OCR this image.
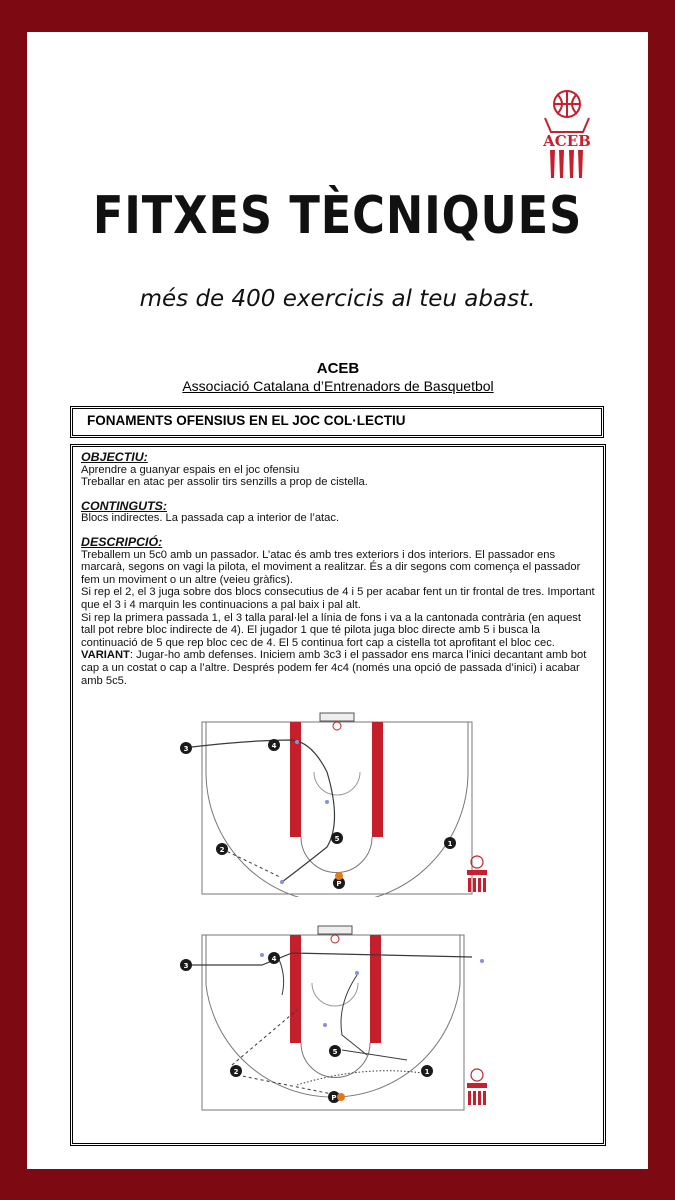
ACEB
FITXES TÈCNIQUES
més de 400 exercicis al teu abast.
ACEB
Associació Catalana d’Entrenadors de Basquetbol
FONAMENTS OFENSIUS EN EL JOC COL·LECTIU

OBJECTIU:

Aprendre a guanyar espais en el joc ofensiu

Treballar en atac per assolir tirs senzills a prop de cistella.

CONTINGUTS:

Blocs indirectes. La passada cap a interior de l’atac.

DESCRIPCIÓ:

Treballem un 5c0 amb un passador. L’atac és amb tres exteriors i dos interiors. El passador ens marcarà, segons on vagi la pilota, el moviment a realitzar. És a dir segons com comença el passador fem un moviment o un altre (veieu gràfics).

Si rep el 2, el 3 juga sobre dos blocs consecutius de 4 i 5 per acabar fent un tir frontal de tres. Important que el 3 i 4 marquin les continuacions a pal baix i pal alt.

Si rep la primera passada 1, el 3 talla paral·lel a línia de fons i va a la cantonada contrària (en aquest tall pot rebre bloc indirecte de 4). El jugador 1 que té pilota juga bloc directe amb 5 i busca la continuació de 5 que rep bloc cec de 4. El 5 continua fort cap a cistella tot aprofitant el bloc cec.

VARIANT: Jugar-ho amb defenses. Iniciem amb 3c3 i el passador ens marca l’inici decantant amb bot cap a un costat o cap a l’altre. Després podem fer 4c4 (només una opció de passada d’inici) i acabar amb 5c5.

3	4
5
2
1
P
3
4
5
2	1
P
